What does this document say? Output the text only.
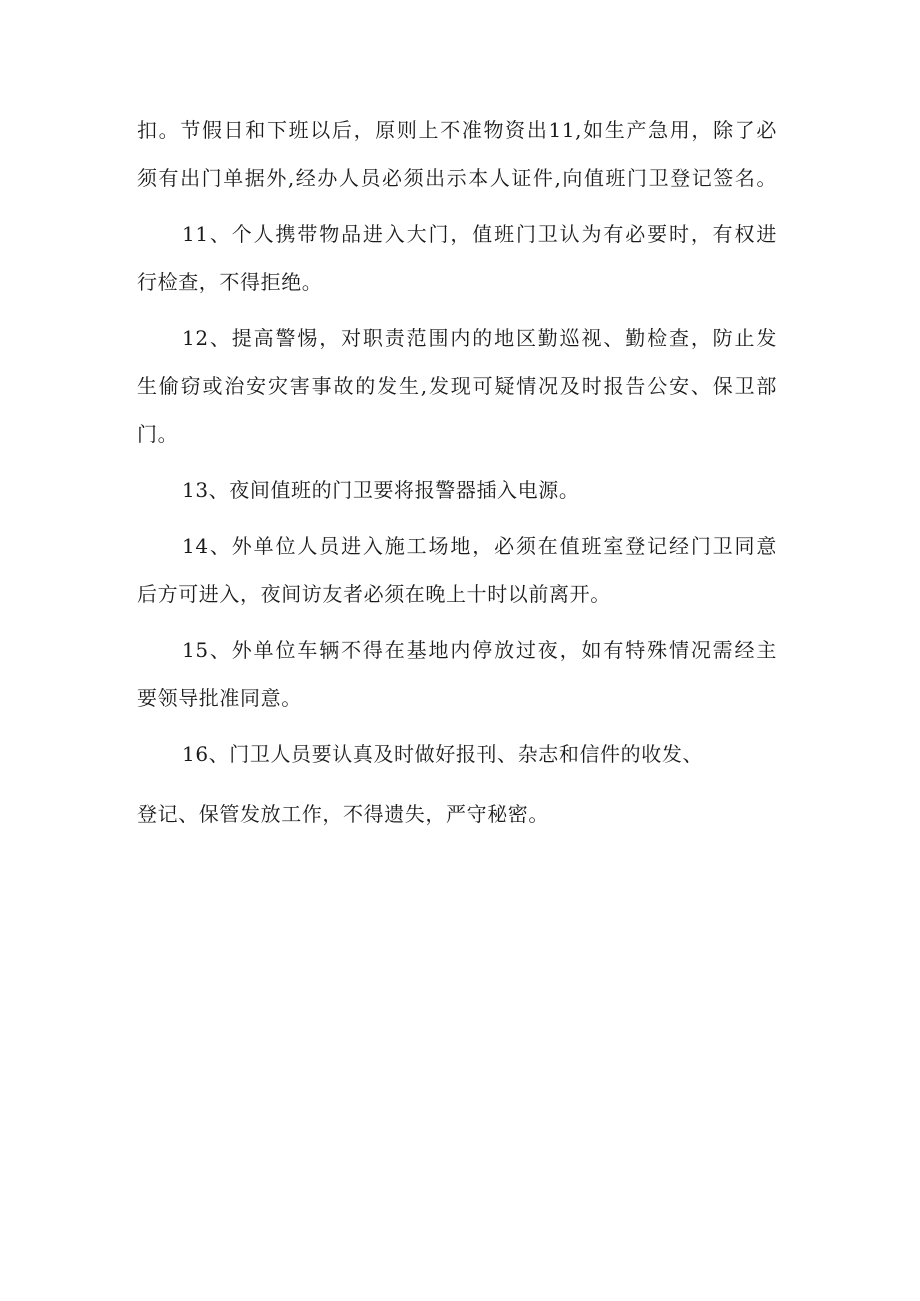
扣。节假日和下班以后，原则上不准物资出11,如生产急用，除了必
须有出门单据外,经办人员必须出示本人证件,向值班门卫登记签名。
11、个人携带物品进入大门，值班门卫认为有必要时，有权进
行检查，不得拒绝。
12、提高警惕，对职责范围内的地区勤巡视、勤检查，防止发
生偷窃或治安灾害事故的发生,发现可疑情况及时报告公安、保卫部
门。
13、夜间值班的门卫要将报警器插入电源。
14、外单位人员进入施工场地，必须在值班室登记经门卫同意
后方可进入，夜间访友者必须在晚上十时以前离开。
15、外单位车辆不得在基地内停放过夜，如有特殊情况需经主
要领导批准同意。
16、门卫人员要认真及时做好报刊、杂志和信件的收发、
登记、保管发放工作，不得遗失，严守秘密。
